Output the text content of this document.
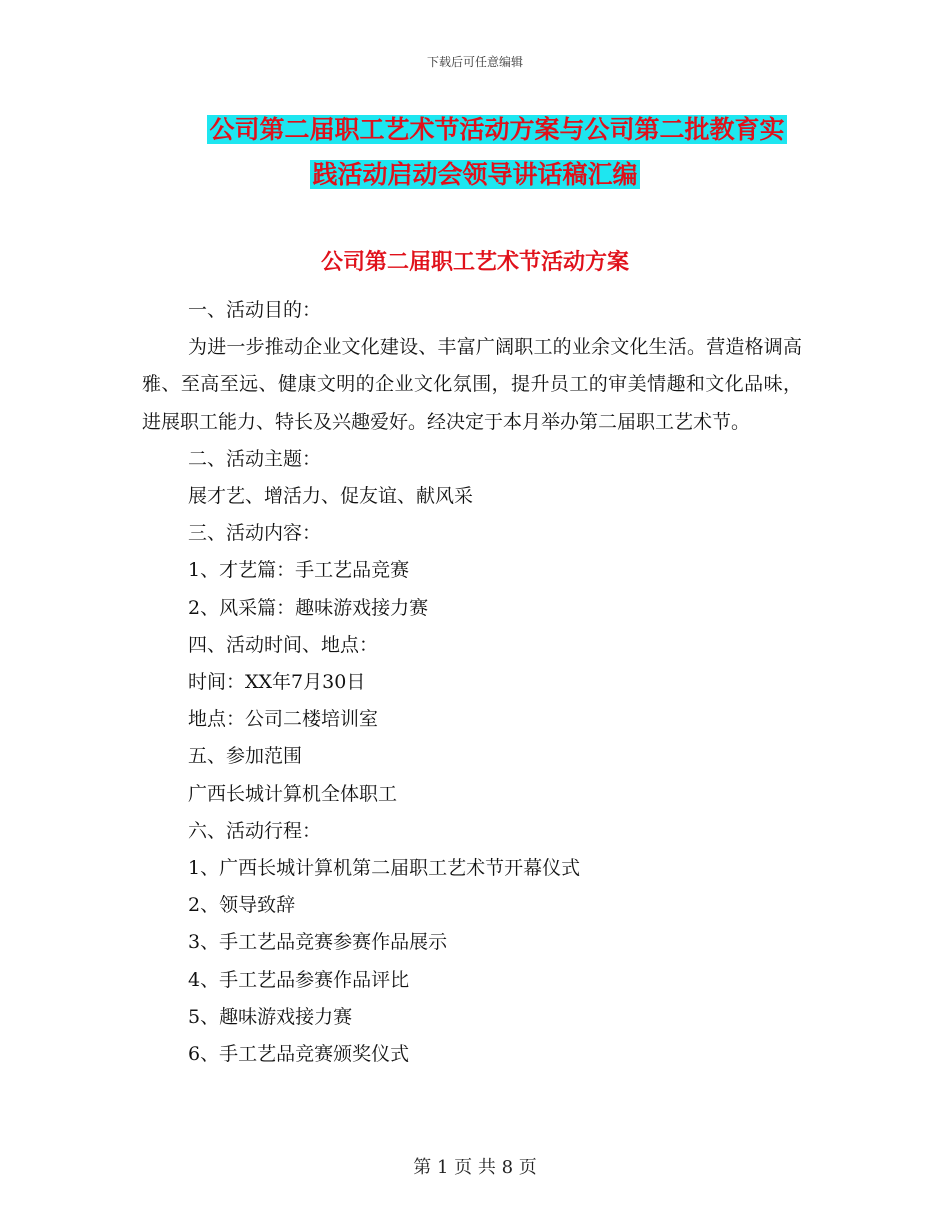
下载后可任意编辑
公司第二届职工艺术节活动方案与公司第二批教育实
践活动启动会领导讲话稿汇编
公司第二届职工艺术节活动方案

一、活动目的：

为进一步推动企业文化建设、丰富广阔职工的业余文化生活。营造格调高雅、至高至远、健康文明的企业文化氛围，提升员工的审美情趣和文化品味，进展职工能力、特长及兴趣爱好。经决定于本月举办第二届职工艺术节。

二、活动主题：

展才艺、增活力、促友谊、献风采

三、活动内容：

1、才艺篇：手工艺品竞赛

2、风采篇：趣味游戏接力赛

四、活动时间、地点：

时间：XX年7月30日

地点：公司二楼培训室

五、参加范围

广西长城计算机全体职工

六、活动行程：

1、广西长城计算机第二届职工艺术节开幕仪式

2、领导致辞

3、手工艺品竞赛参赛作品展示

4、手工艺品参赛作品评比

5、趣味游戏接力赛

6、手工艺品竞赛颁奖仪式

第 1 页 共 8 页
